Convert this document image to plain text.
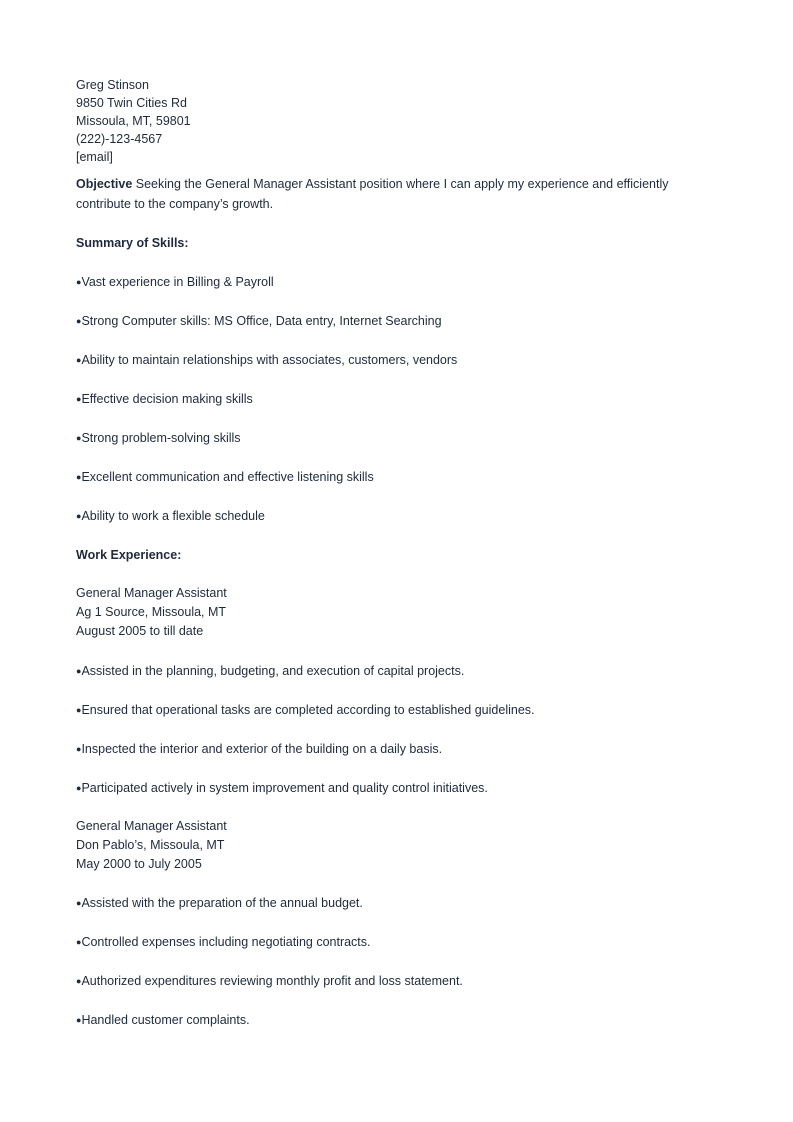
Greg Stinson
9850 Twin Cities Rd
Missoula, MT, 59801
(222)-123-4567
[email]
Objective Seeking the General Manager Assistant position where I can apply my experience and efficiently contribute to the company’s growth.
Summary of Skills:
●Vast experience in Billing & Payroll
●Strong Computer skills: MS Office, Data entry, Internet Searching
●Ability to maintain relationships with associates, customers, vendors
●Effective decision making skills
●Strong problem-solving skills
●Excellent communication and effective listening skills
●Ability to work a flexible schedule
Work Experience:
General Manager Assistant
Ag 1 Source, Missoula, MT
August 2005 to till date
●Assisted in the planning, budgeting, and execution of capital projects.
●Ensured that operational tasks are completed according to established guidelines.
●Inspected the interior and exterior of the building on a daily basis.
●Participated actively in system improvement and quality control initiatives.
General Manager Assistant
Don Pablo’s, Missoula, MT
May 2000 to July 2005
●Assisted with the preparation of the annual budget.
●Controlled expenses including negotiating contracts.
●Authorized expenditures reviewing monthly profit and loss statement.
●Handled customer complaints.
